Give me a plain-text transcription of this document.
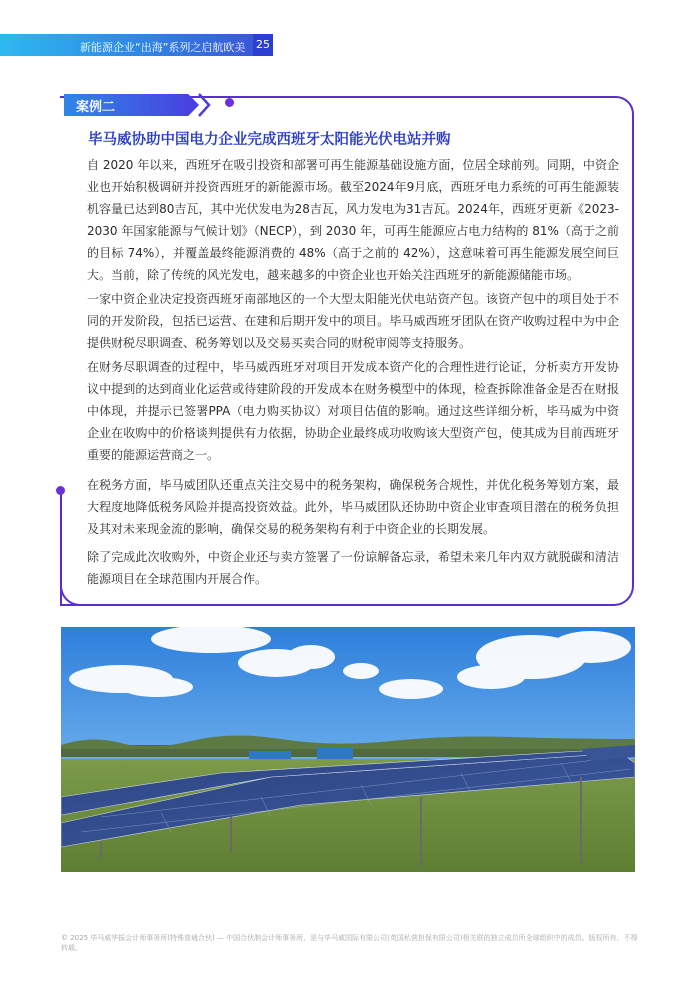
新能源企业“出海”系列之启航欧美 25
案例二
毕马威协助中国电力企业完成西班牙太阳能光伏电站并购

自 2020 年以来，西班牙在吸引投资和部署可再生能源基础设施方面，位居全球前列。同期，中资企业也开始积极调研并投资西班牙的新能源市场。截至2024年9月底，西班牙电力系统的可再生能源装机容量已达到80吉瓦，其中光伏发电为28吉瓦，风力发电为31吉瓦。2024年，西班牙更新《2023-2030 年国家能源与气候计划》（NECP），到 2030 年，可再生能源应占电力结构的 81%（高于之前的目标 74%），并覆盖最终能源消费的 48%（高于之前的 42%），这意味着可再生能源发展空间巨大。当前，除了传统的风光发电，越来越多的中资企业也开始关注西班牙的新能源储能市场。

一家中资企业决定投资西班牙南部地区的一个大型太阳能光伏电站资产包。该资产包中的项目处于不同的开发阶段，包括已运营、在建和后期开发中的项目。毕马威西班牙团队在资产收购过程中为中企提供财税尽职调查、税务筹划以及交易买卖合同的财税审阅等支持服务。

在财务尽职调查的过程中，毕马威西班牙对项目开发成本资产化的合理性进行论证，分析卖方开发协议中提到的达到商业化运营或待建阶段的开发成本在财务模型中的体现，检查拆除准备金是否在财报中体现，并提示已签署PPA（电力购买协议）对项目估值的影响。通过这些详细分析，毕马威为中资企业在收购中的价格谈判提供有力依据，协助企业最终成功收购该大型资产包，使其成为目前西班牙重要的能源运营商之一。

在税务方面，毕马威团队还重点关注交易中的税务架构，确保税务合规性，并优化税务筹划方案，最大程度地降低税务风险并提高投资效益。此外，毕马威团队还协助中资企业审查项目潜在的税务负担及其对未来现金流的影响，确保交易的税务架构有利于中资企业的长期发展。

除了完成此次收购外，中资企业还与卖方签署了一份谅解备忘录，希望未来几年内双方就脱碳和清洁能源项目在全球范围内开展合作。

© 2025 毕马威华振会计师事务所(特殊普通合伙) — 中国合伙制会计师事务所，是与毕马威国际有限公司(英国私营担保有限公司)相关联的独立成员所全球组织中的成员。版权所有，不得转载。
